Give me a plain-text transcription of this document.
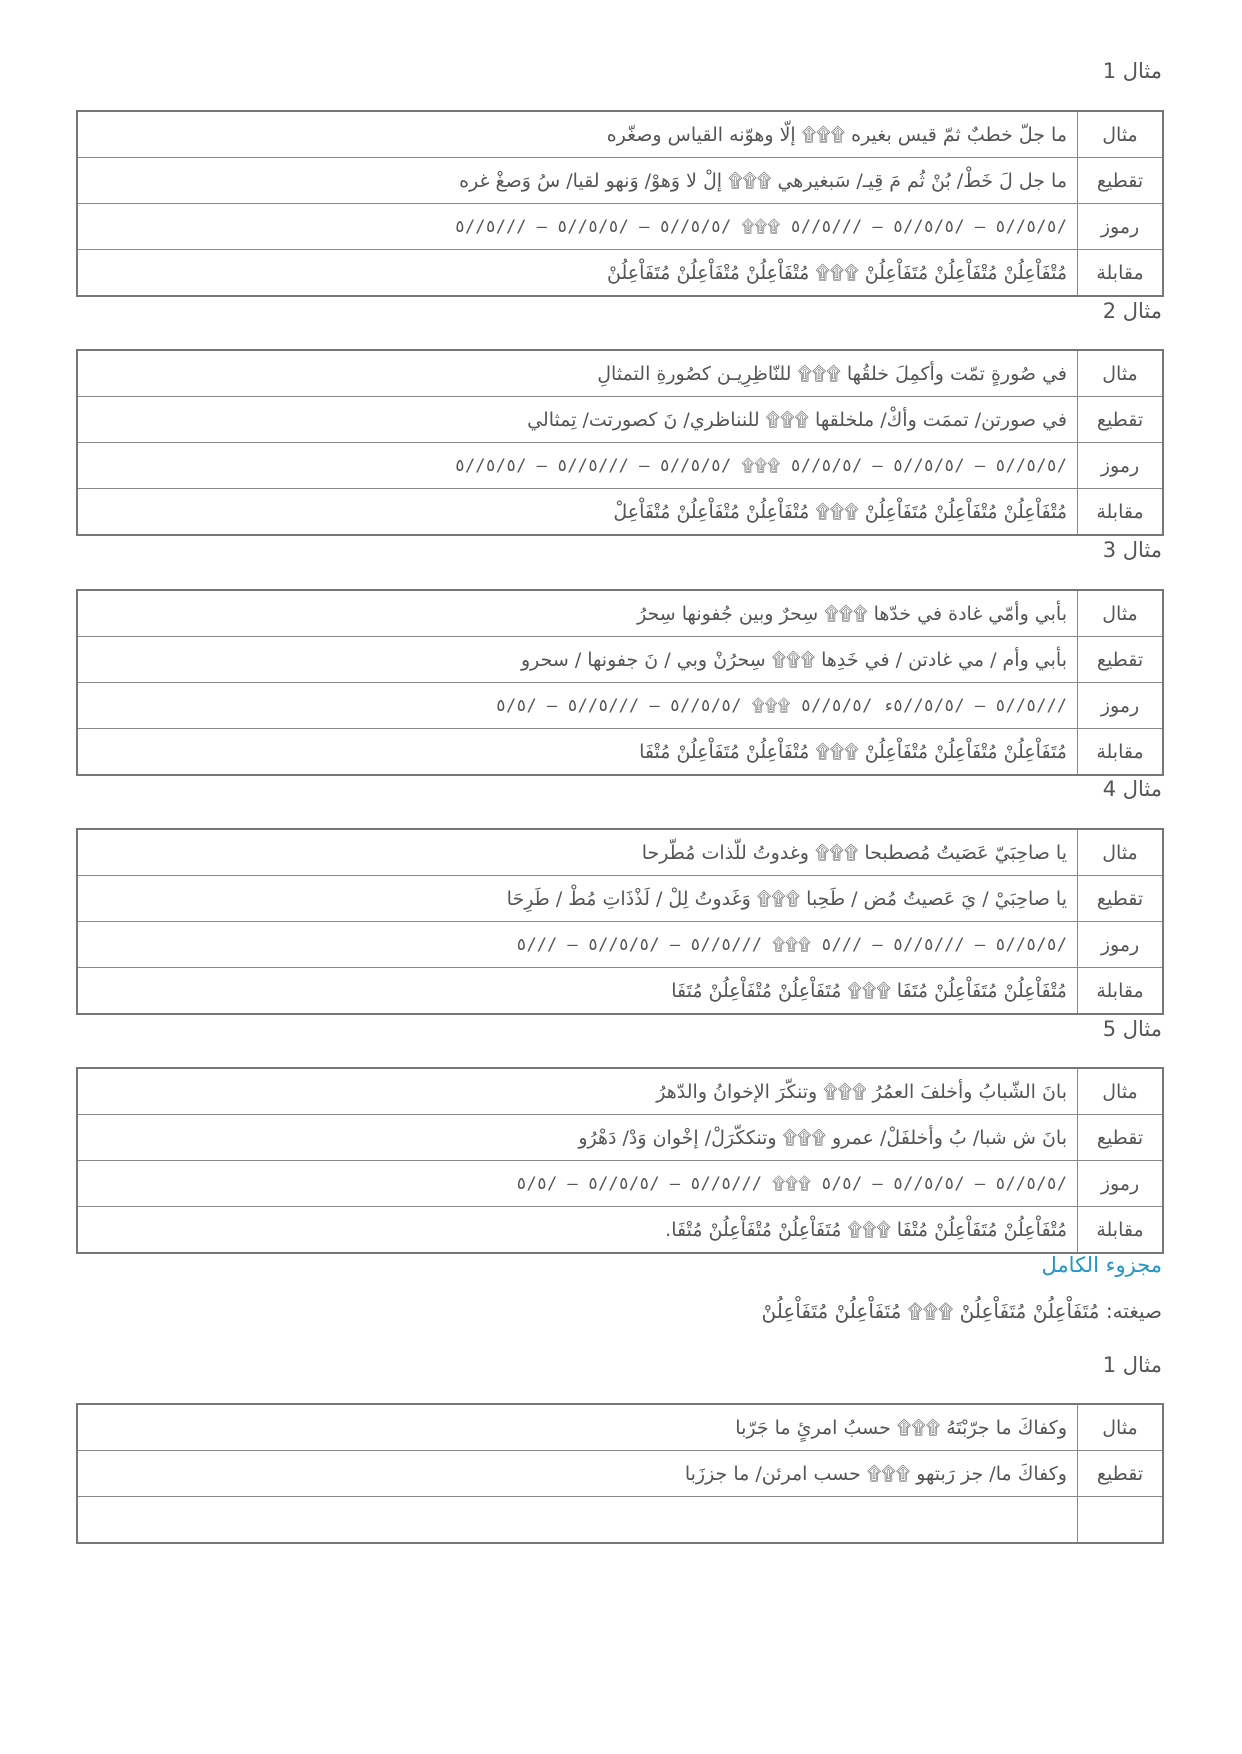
مثال 1
مثال	ما جلّ خطبٌ ثمّ قيس بغيره ۩۩۩ إلّا وهوّنه القياس وصغّره
تقطيع	ما جل لَ خَطْ/ بُنْ ثُم مَ قِيـ/ سَبغيرهي ۩۩۩ إلْ لا وَهوْ/ وَنهو لقيا/ سُ وَصغْ غره
رموز	/٥/٥//٥ – /٥/٥//٥ – ///٥//٥ ۩۩۩ /٥/٥//٥ – /٥/٥//٥ – ///٥//٥
مقابلة	مُتْفَاْعِلُنْ مُتْفَاْعِلُنْ مُتَفَاْعِلُنْ ۩۩۩ مُتْفَاْعِلُنْ مُتْفَاْعِلُنْ مُتَفَاْعِلُنْ
مثال 2
مثال	في صُورةٍ تمّت وأكمِلَ خلقُها ۩۩۩ للنّاظِرِيـن كصُورةِ التمثالِ
تقطيع	في صورتن/ تممَت وأكْ/ ملخلقها ۩۩۩ للنناظري/ نَ كصورتت/ تِمثالي
رموز	/٥/٥//٥ – /٥/٥//٥ – /٥/٥//٥ ۩۩۩ /٥/٥//٥ – ///٥//٥ – /٥/٥//٥
مقابلة	مُتْفَاْعِلُنْ مُتْفَاْعِلُنْ مُتَفَاْعِلُنْ ۩۩۩ مُتْفَاْعِلُنْ مُتْفَاْعِلُنْ مُتْفَاْعِلْ
مثال 3
مثال	بأبي وأمّي غادة في خدّها ۩۩۩ سِحرٌ وبين جُفونها سِحرُ
تقطيع	بأبي وأم / مي غادتن / في خَدِها ۩۩۩ سِحرُنْ وبي / نَ جفونها / سحرو
رموز	///٥//٥ – /٥/٥//٥ء /٥/٥//٥ ۩۩۩ /٥/٥//٥ – ///٥//٥ – /٥/٥
مقابلة	مُتَفَاْعِلُنْ مُتْفَاْعِلُنْ مُتْفَاْعِلُنْ ۩۩۩ مُتْفَاْعِلُنْ مُتَفَاْعِلُنْ مُتْفَا
مثال 4
مثال	يا صاحِبَيّ عَصَيتُ مُصطبحا ۩۩۩ وغدوتُ للّذات مُطّرحا
تقطيع	يا صاحِبَيْ / يَ عَصيتُ مُض / طَحِبا ۩۩۩ وَغَدوتُ لِلْ / لَذْذَاتِ مُطْ / طَرِحَا
رموز	/٥/٥//٥ – ///٥//٥ – ///٥ ۩۩۩ ///٥//٥ – /٥/٥//٥ – ///٥
مقابلة	مُتْفَاْعِلُنْ مُتَفَاْعِلُنْ مُتَفَا ۩۩۩ مُتَفَاْعِلُنْ مُتْفَاْعِلُنْ مُتَفَا
مثال 5
مثال	بانَ الشّبابُ وأخلفَ العمُرُ ۩۩۩ وتنكّرَ الإخوانُ والدّهرُ
تقطيع	بانَ ش شبا/ بُ وأخلفَلْ/ عمرو ۩۩۩ وتنككّرَلْ/ إخْوان وَدْ/ دَهْرُو
رموز	/٥/٥//٥ – /٥/٥//٥ – /٥/٥ ۩۩۩ ///٥//٥ – /٥/٥//٥ – /٥/٥
مقابلة	مُتْفَاْعِلُنْ مُتَفَاْعِلُنْ مُتْفَا ۩۩۩ مُتَفَاْعِلُنْ مُتْفَاْعِلُنْ مُتْفَا.
مجزوء الكامل
صيغته: مُتَفَاْعِلُنْ مُتَفَاْعِلُنْ ۩۩۩ مُتَفَاْعِلُنْ مُتَفَاْعِلُنْ
مثال 1
مثال	وكفاكَ ما جرّبْتَهُ ۩۩۩ حسبُ امرئٍ ما جَرّبا
تقطيع	وكفاكَ ما/ جز رَبتهو ۩۩۩ حسب امرئن/ ما جززَبا
